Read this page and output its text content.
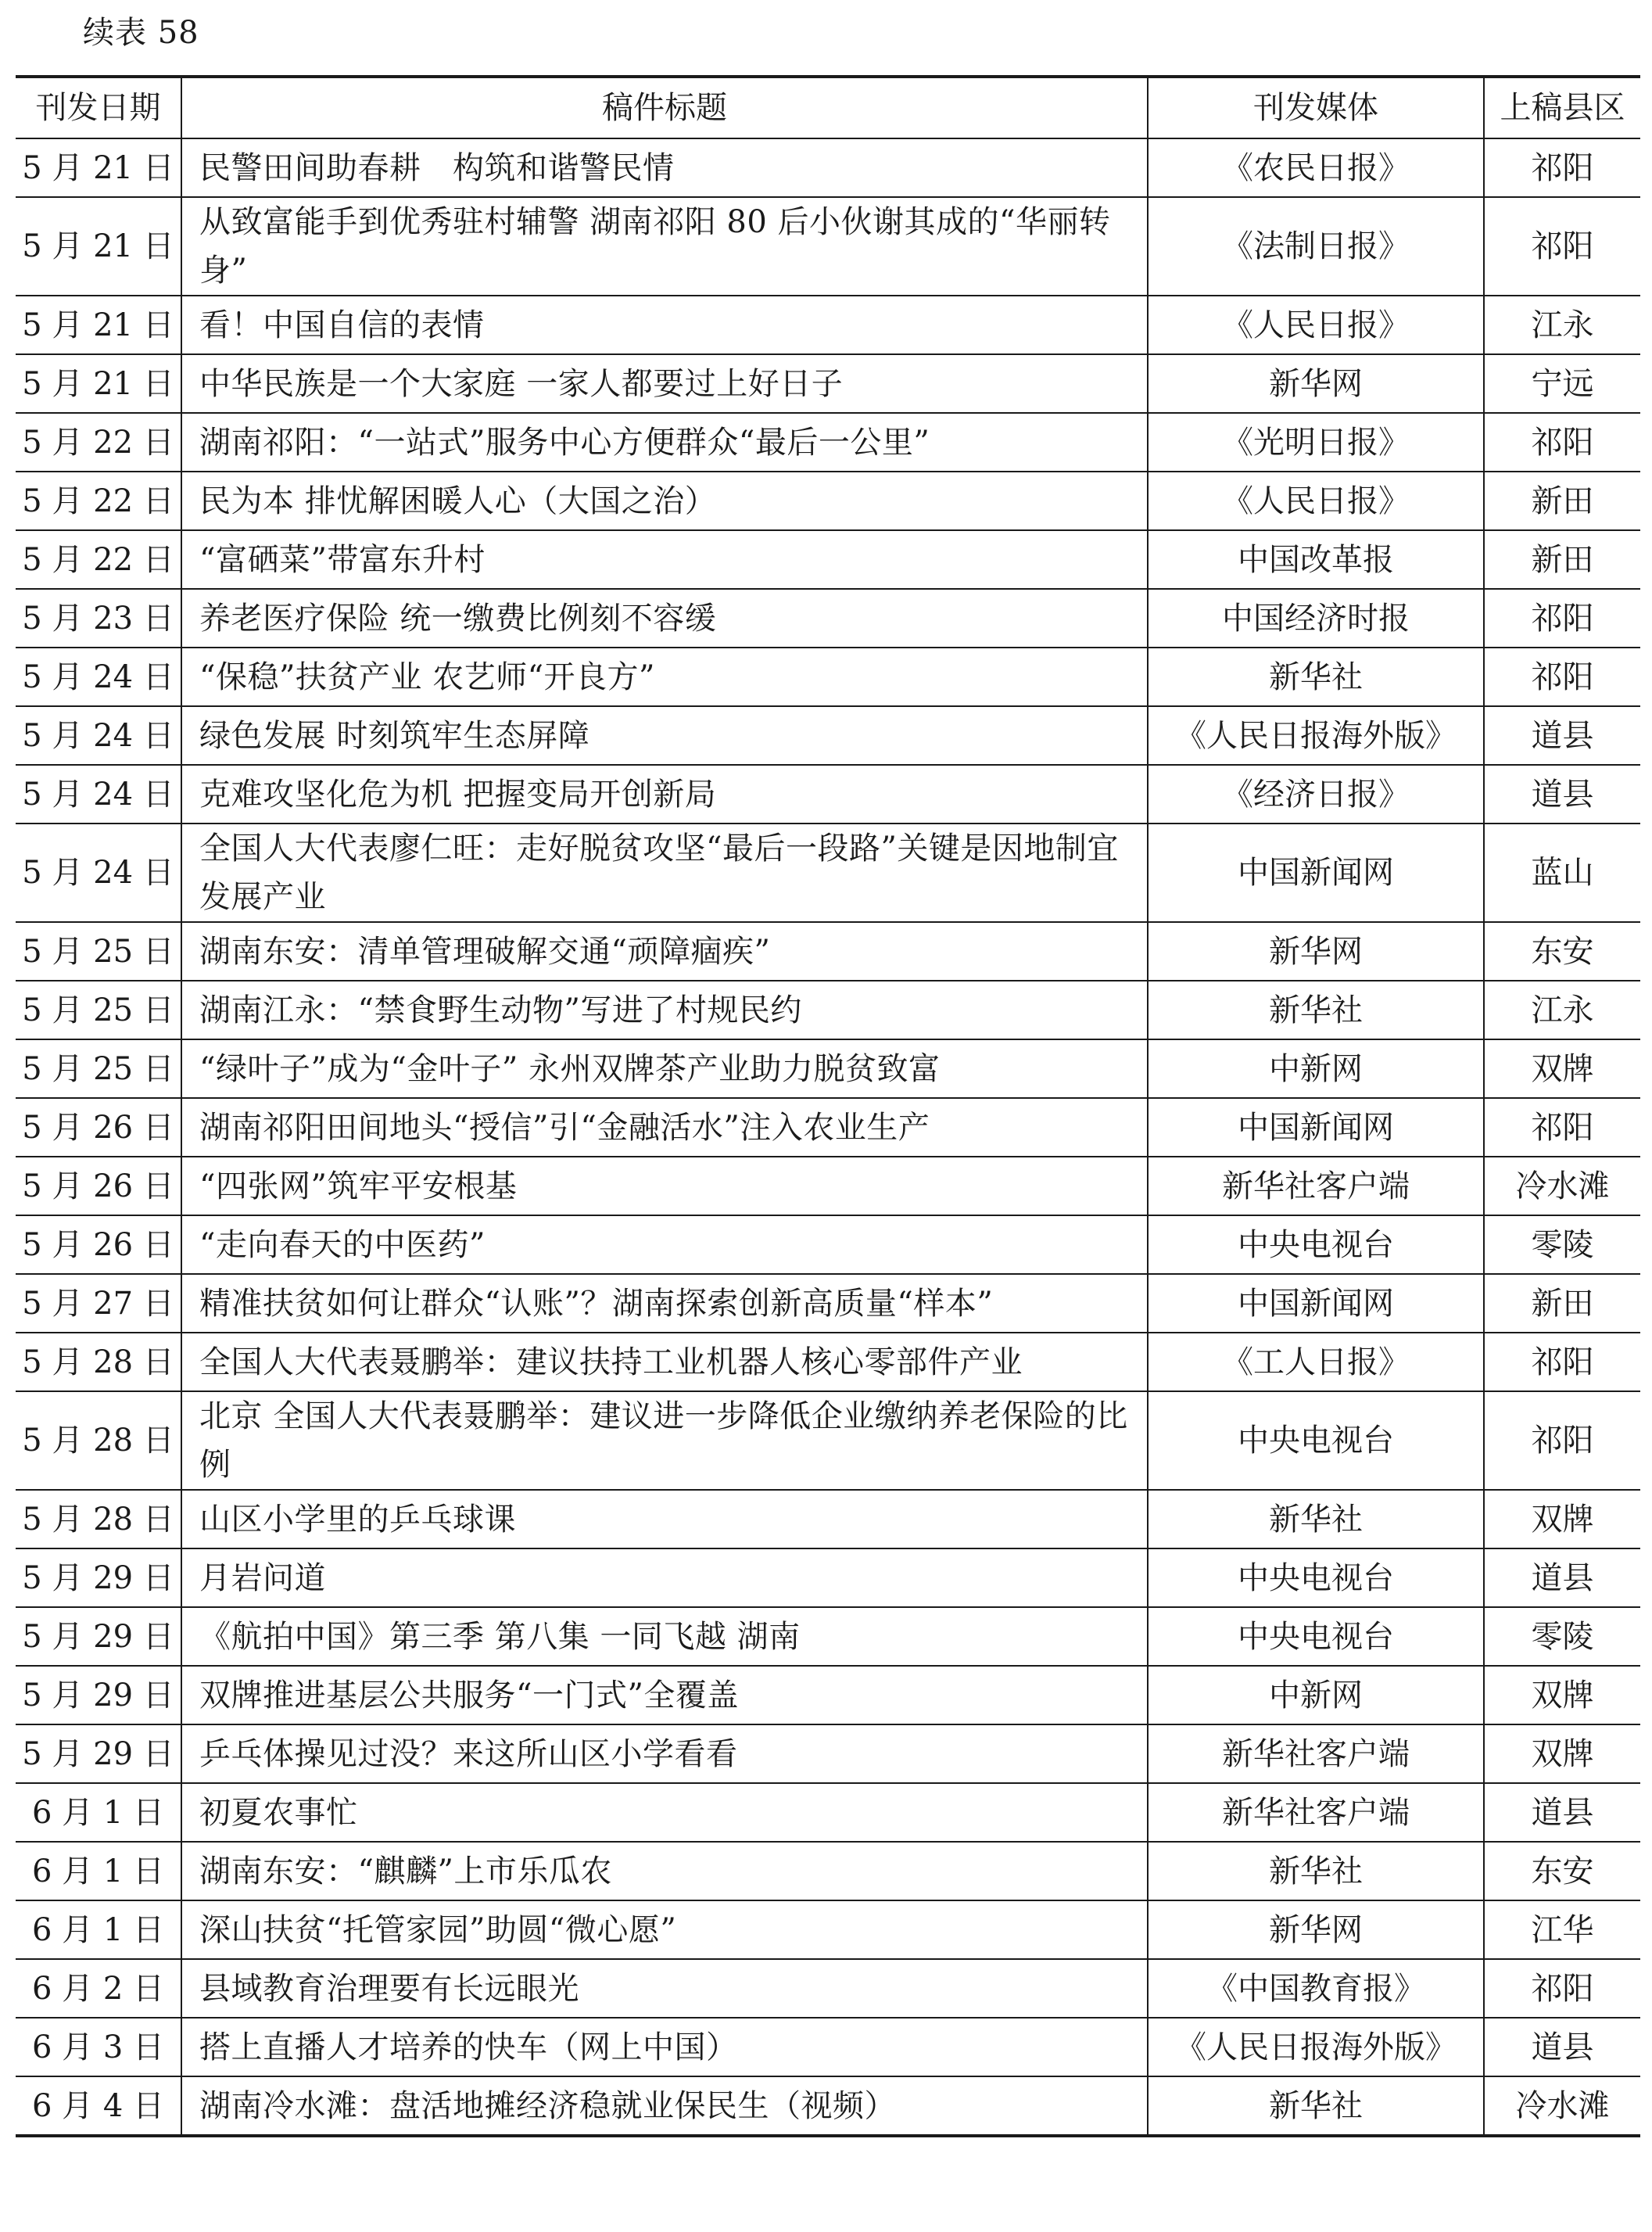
续表 58
刊发日期	稿件标题	刊发媒体	上稿县区
5 月 21 日	民警田间助春耕　构筑和谐警民情	《农民日报》	祁阳
5 月 21 日	从致富能手到优秀驻村辅警 湖南祁阳 80 后小伙谢其成的“华丽转身”	《法制日报》	祁阳
5 月 21 日	看！中国自信的表情	《人民日报》	江永
5 月 21 日	中华民族是一个大家庭 一家人都要过上好日子	新华网	宁远
5 月 22 日	湖南祁阳：“一站式”服务中心方便群众“最后一公里”	《光明日报》	祁阳
5 月 22 日	民为本 排忧解困暖人心（大国之治）	《人民日报》	新田
5 月 22 日	“富硒菜”带富东升村	中国改革报	新田
5 月 23 日	养老医疗保险 统一缴费比例刻不容缓	中国经济时报	祁阳
5 月 24 日	“保稳”扶贫产业 农艺师“开良方”	新华社	祁阳
5 月 24 日	绿色发展 时刻筑牢生态屏障	《人民日报海外版》	道县
5 月 24 日	克难攻坚化危为机 把握变局开创新局	《经济日报》	道县
5 月 24 日	全国人大代表廖仁旺：走好脱贫攻坚“最后一段路”关键是因地制宜发展产业	中国新闻网	蓝山
5 月 25 日	湖南东安：清单管理破解交通“顽障痼疾”	新华网	东安
5 月 25 日	湖南江永：“禁食野生动物”写进了村规民约	新华社	江永
5 月 25 日	“绿叶子”成为“金叶子” 永州双牌茶产业助力脱贫致富	中新网	双牌
5 月 26 日	湖南祁阳田间地头“授信”引“金融活水”注入农业生产	中国新闻网	祁阳
5 月 26 日	“四张网”筑牢平安根基	新华社客户端	冷水滩
5 月 26 日	“走向春天的中医药”	中央电视台	零陵
5 月 27 日	精准扶贫如何让群众“认账”？湖南探索创新高质量“样本”	中国新闻网	新田
5 月 28 日	全国人大代表聂鹏举：建议扶持工业机器人核心零部件产业	《工人日报》	祁阳
5 月 28 日	北京 全国人大代表聂鹏举：建议进一步降低企业缴纳养老保险的比例	中央电视台	祁阳
5 月 28 日	山区小学里的乒乓球课	新华社	双牌
5 月 29 日	月岩问道	中央电视台	道县
5 月 29 日	《航拍中国》第三季 第八集 一同飞越 湖南	中央电视台	零陵
5 月 29 日	双牌推进基层公共服务“一门式”全覆盖	中新网	双牌
5 月 29 日	乒乓体操见过没？来这所山区小学看看	新华社客户端	双牌
6 月 1 日	初夏农事忙	新华社客户端	道县
6 月 1 日	湖南东安：“麒麟”上市乐瓜农	新华社	东安
6 月 1 日	深山扶贫“托管家园”助圆“微心愿”	新华网	江华
6 月 2 日	县域教育治理要有长远眼光	《中国教育报》	祁阳
6 月 3 日	搭上直播人才培养的快车（网上中国）	《人民日报海外版》	道县
6 月 4 日	湖南冷水滩：盘活地摊经济稳就业保民生（视频）	新华社	冷水滩
